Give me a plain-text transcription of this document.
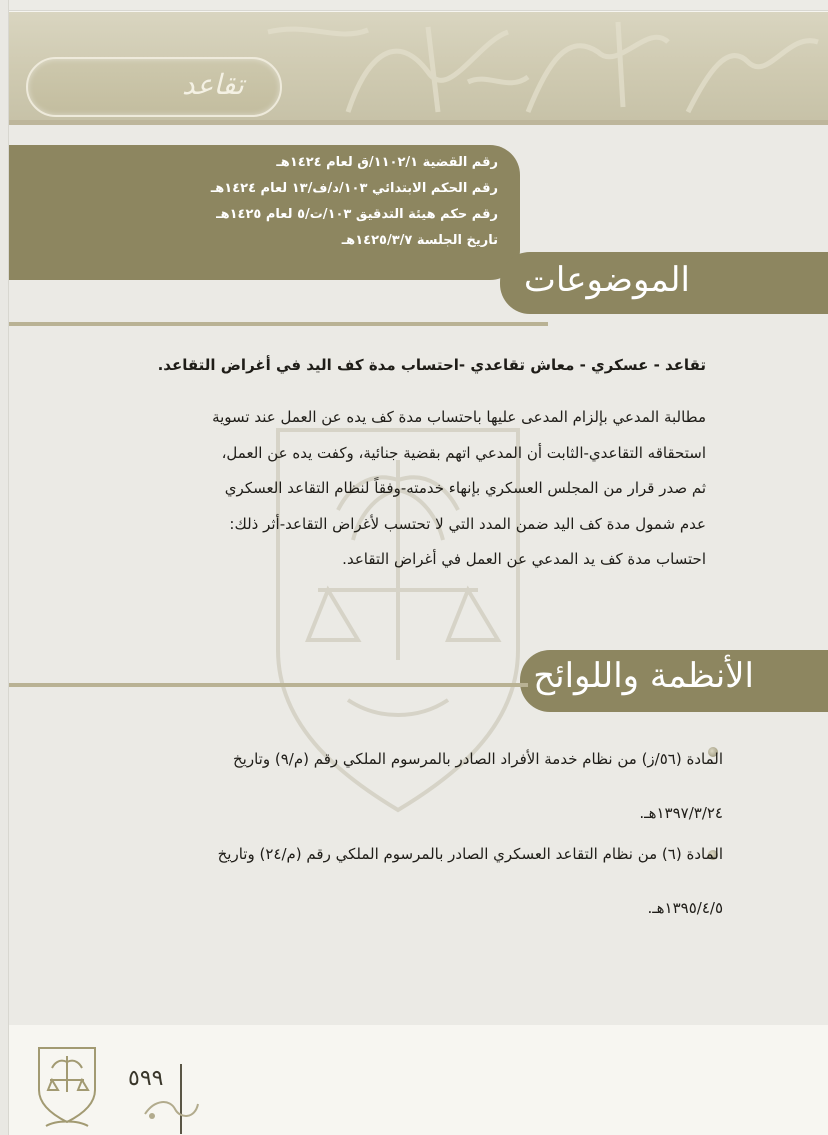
تقاعد
رقم القضية ١١٠٢/١/ق لعام ١٤٢٤هـ
رقم الحكم الابتدائي ١٠٣/د/ف/١٣ لعام ١٤٢٤هـ
رقم حكم هيئة التدقيق ١٠٣/ت/٥ لعام ١٤٢٥هـ
تاريخ الجلسة ١٤٢٥/٣/٧هـ
الموضوعات
تقاعد - عسكري - معاش تقاعدي -احتساب مدة كف اليد في أغراض التقاعد.
مطالبة المدعي بإلزام المدعى عليها باحتساب مدة كف يده عن العمل عند تسوية
استحقاقه التقاعدي-الثابت أن المدعي اتهم بقضية جنائية، وكفت يده عن العمل،
ثم صدر قرار من المجلس العسكري بإنهاء خدمته-وفقاً لنظام التقاعد العسكري
عدم شمول مدة كف اليد ضمن المدد التي لا تحتسب لأغراض التقاعد-أثر ذلك:
احتساب مدة كف يد المدعي عن العمل في أغراض التقاعد.
الأنظمة واللوائح
المادة (٥٦/ز) من نظام خدمة الأفراد الصادر بالمرسوم الملكي رقم (م/٩) وتاريخ
١٣٩٧/٣/٢٤هـ.
المادة (٦) من نظام التقاعد العسكري الصادر بالمرسوم الملكي رقم (م/٢٤) وتاريخ
١٣٩٥/٤/٥هـ.
٥٩٩
